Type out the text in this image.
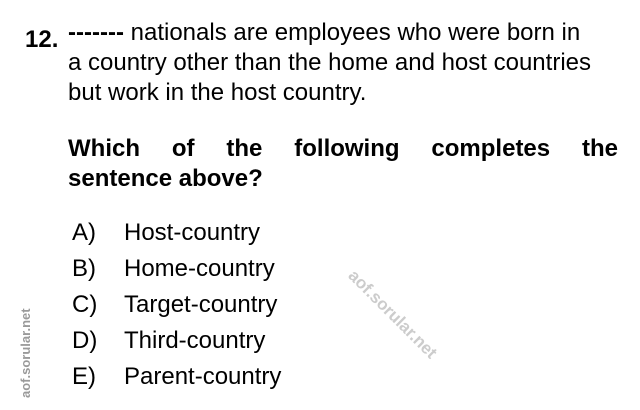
12. ------- nationals are employees who were born in
a country other than the home and host countries
but work in the host country.
Which of the following completes the
sentence above?
A)	Host-country
B)	Home-country
C)	Target-country
D)	Third-country
E)	Parent-country
aof.sorular.net
aof.sorular.net
